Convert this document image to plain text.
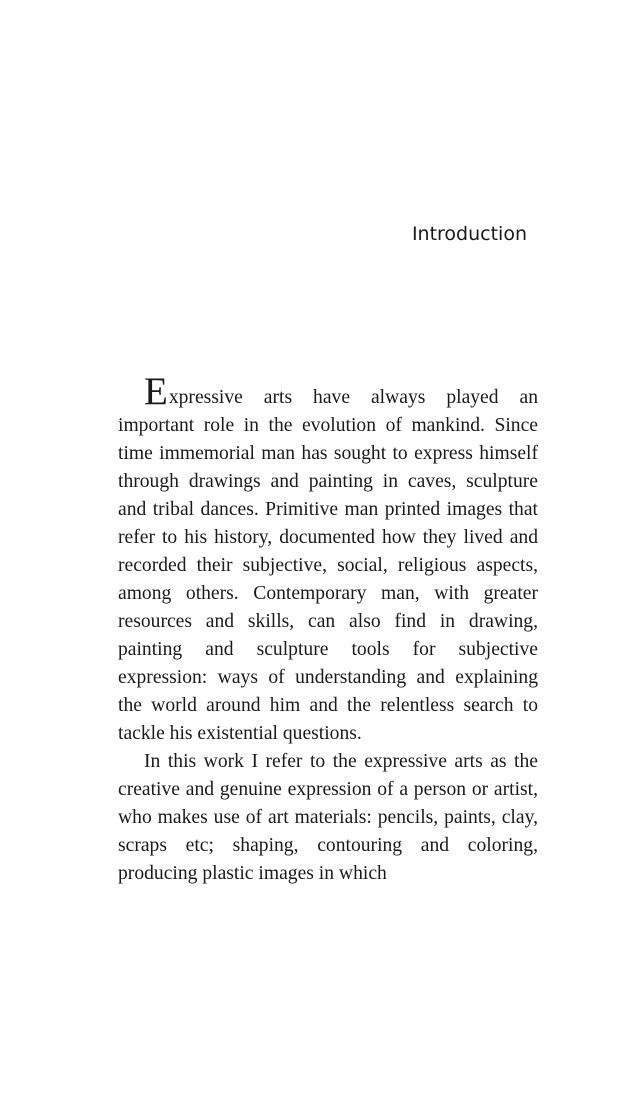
Introduction

Expressive arts have always played an important role in the evolution of mankind. Since time immemorial man has sought to express himself through drawings and painting in caves, sculpture and tribal dances. Primitive man printed images that refer to his history, documented how they lived and recorded their subjective, social, religious aspects, among others. Contemporary man, with greater resources and skills, can also find in drawing, painting and sculpture tools for subjective expression: ways of understanding and explaining the world around him and the relentless search to tackle his existential questions.

In this work I refer to the expressive arts as the creative and genuine expression of a person or artist, who makes use of art materials: pencils, paints, clay, scraps etc; shaping, contouring and coloring, producing plastic images in which
